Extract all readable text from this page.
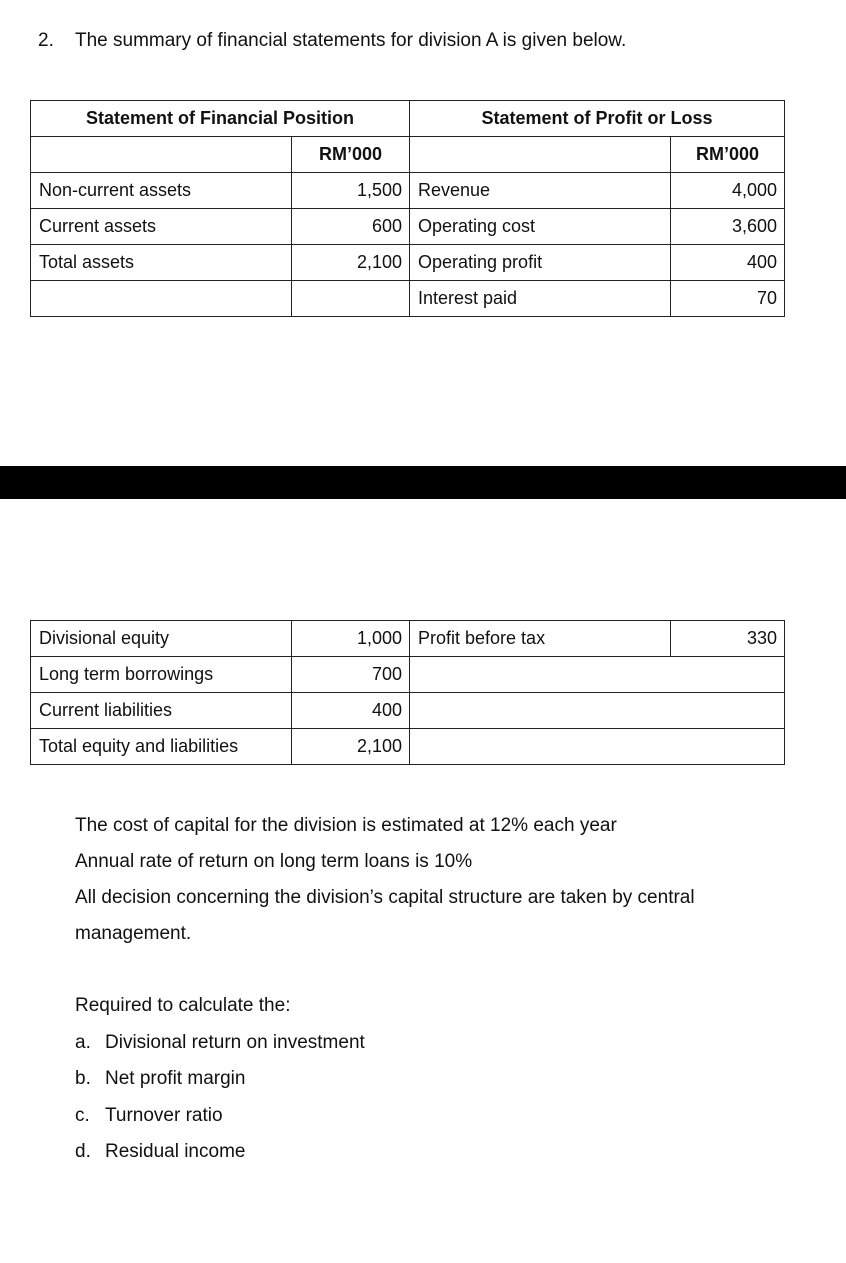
2. The summary of financial statements for division A is given below.
Statement of Financial Position		Statement of Profit or Loss	
	RM’000		RM’000
Non-current assets	1,500	Revenue	4,000
Current assets	600	Operating cost	3,600
Total assets	2,100	Operating profit	400
		Interest paid	70
Divisional equity	1,000	Profit before tax	330
Long term borrowings	700		
Current liabilities	400		
Total equity and liabilities	2,100		

The cost of capital for the division is estimated at 12% each year

Annual rate of return on long term loans is 10%

All decision concerning the division’s capital structure are taken by central management.

Required to calculate the:

a. Divisional return on investment
b. Net profit margin
c. Turnover ratio
d. Residual income
